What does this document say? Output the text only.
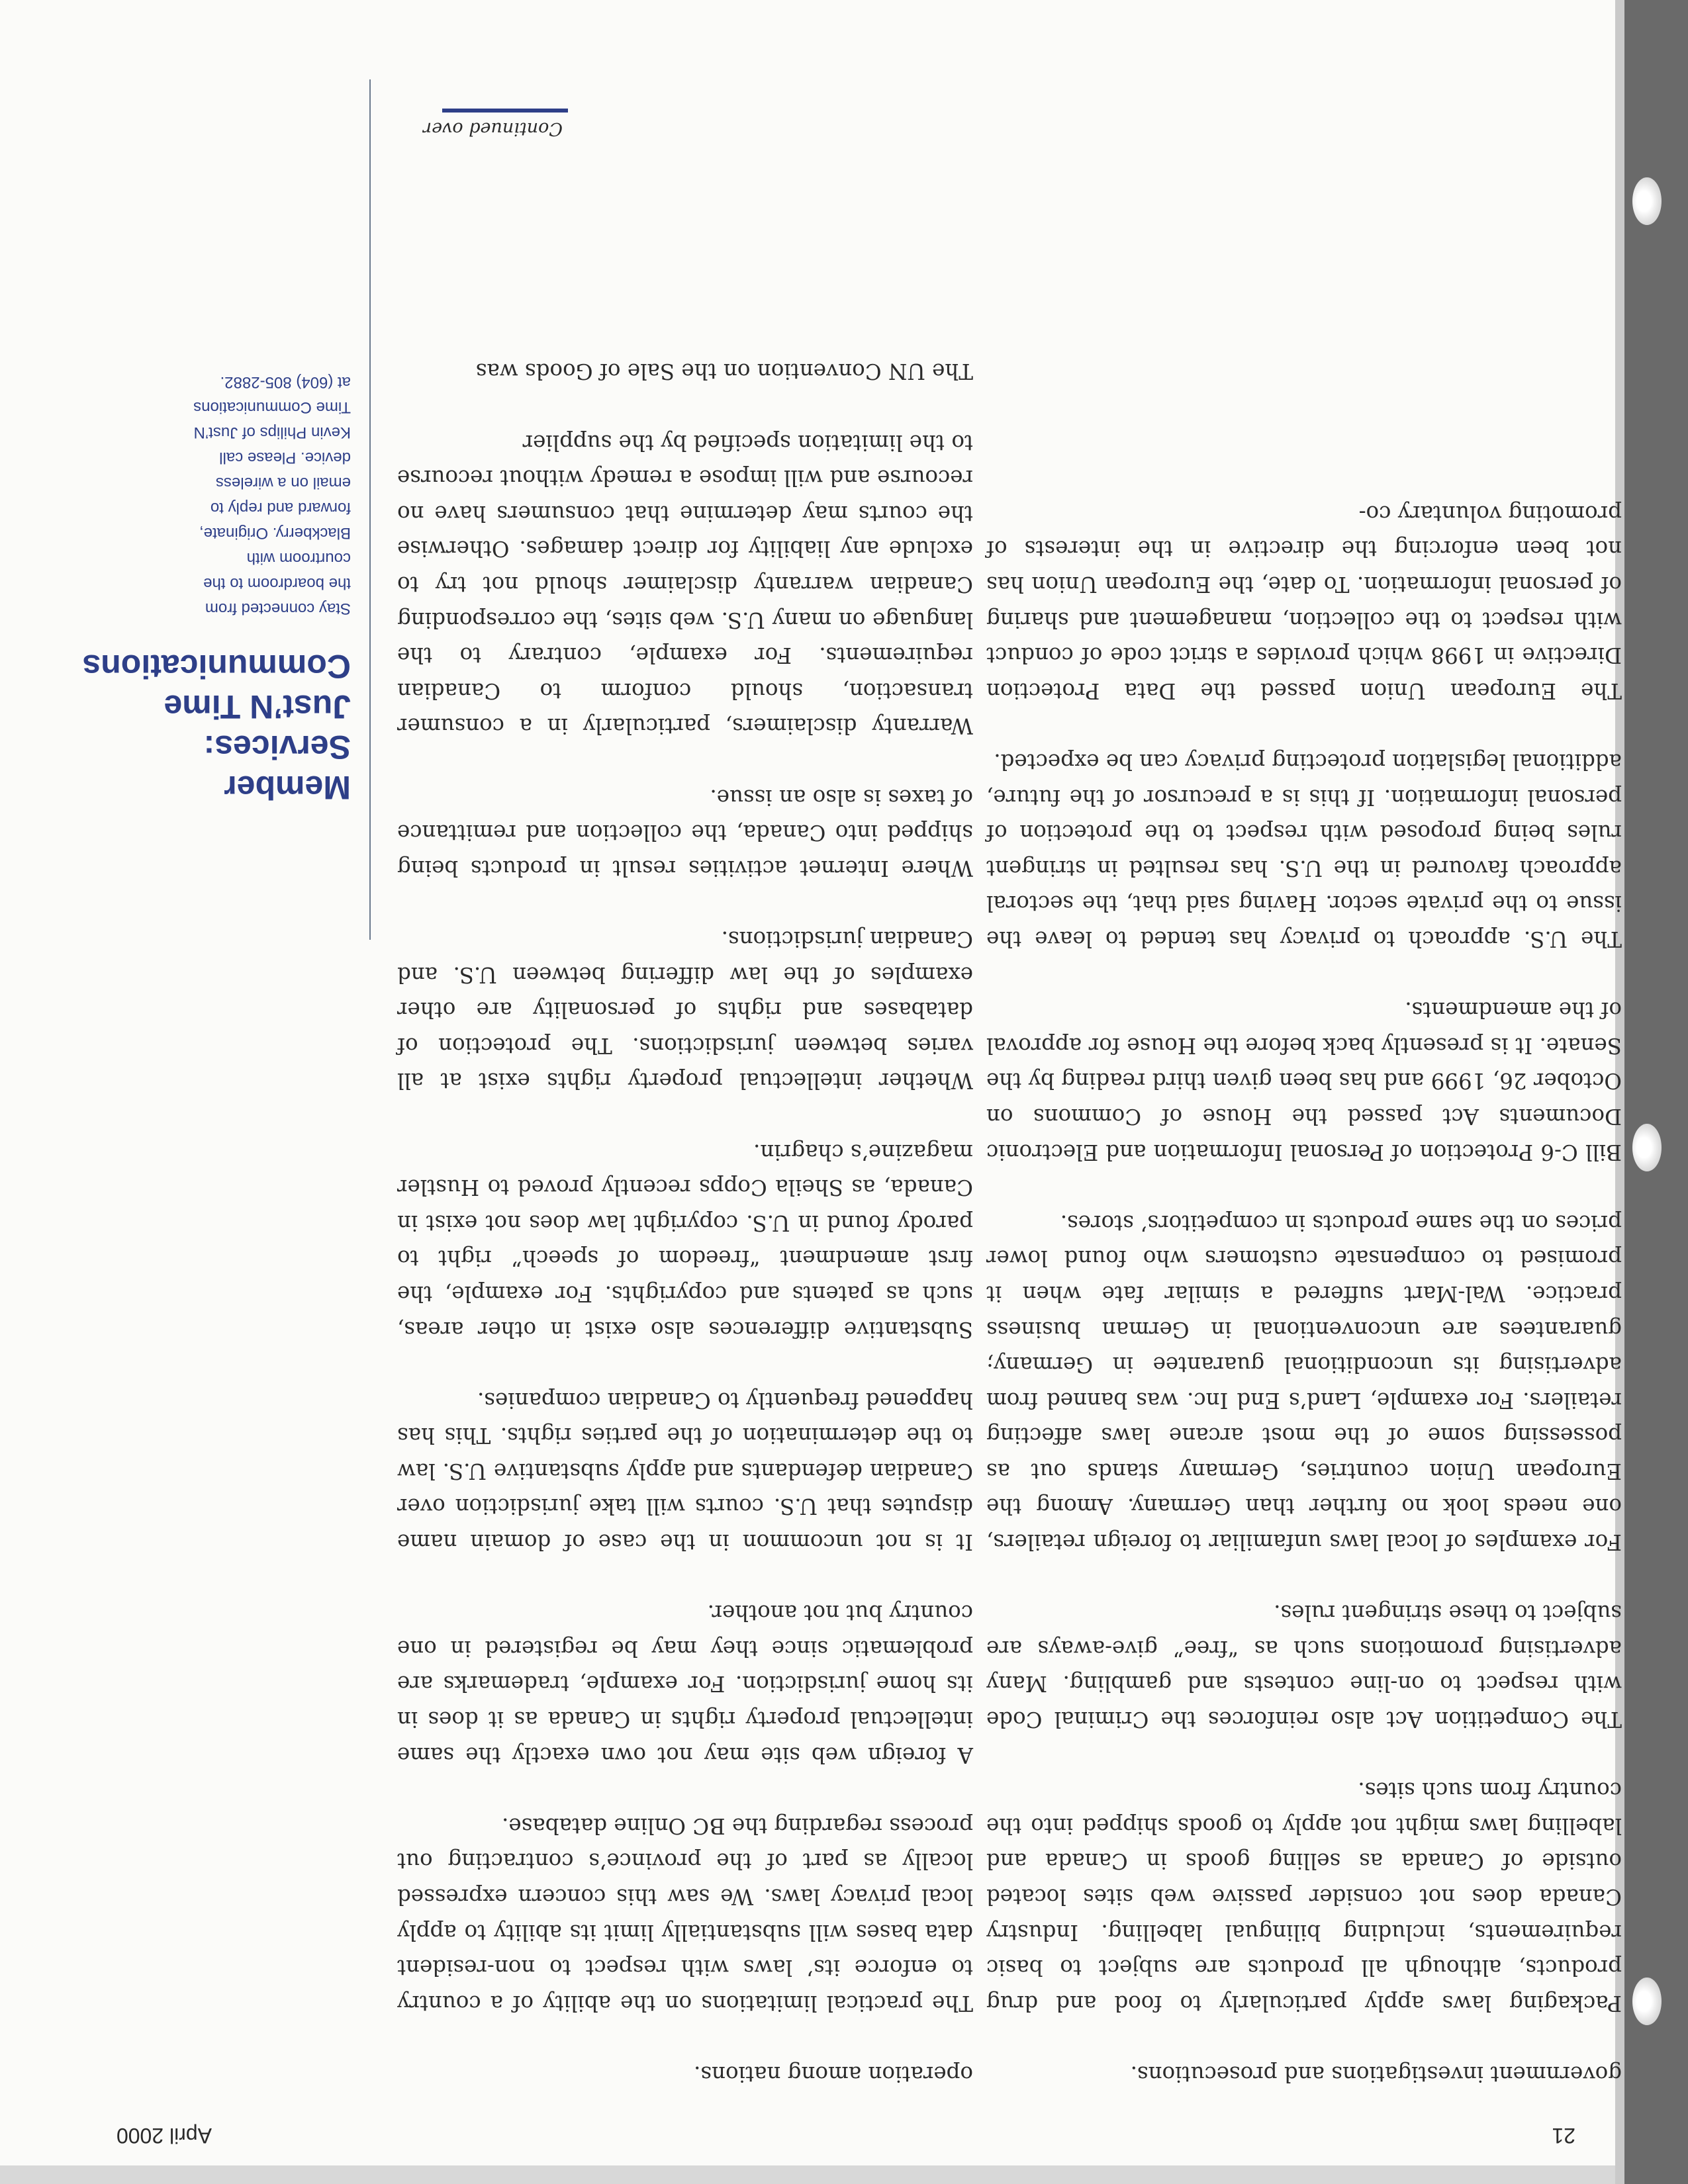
April 2000	21

government investigations and prosecutions.

Packaging laws apply particularly to food and drug products, although all products are subject to basic requirements, including bilingual labelling. Industry Canada does not consider passive web sites located outside of Canada as selling goods in Canada and labelling laws might not apply to goods shipped into the country from such sites.

The Competition Act also reinforces the Criminal Code with respect to on-line contests and gambling. Many advertising promotions such as “free” give-aways are subject to these stringent rules.

For examples of local laws unfamiliar to foreign retailers, one needs look no further than Germany. Among the European Union countries, Germany stands out as possessing some of the most arcane laws affecting retailers. For example, Land’s End Inc. was banned from advertising its unconditional guarantee in Germany; guarantees are unconventional in German business practice. Wal-Mart suffered a similar fate when it promised to compensate customers who found lower prices on the same products in competitors’ stores.

Bill C-6 Protection of Personal Information and Electronic Documents Act passed the House of Commons on October 26, 1999 and has been given third reading by the Senate. It is presently back before the House for approval of the amendments.

The U.S. approach to privacy has tended to leave the issue to the private sector. Having said that, the sectoral approach favoured in the U.S. has resulted in stringent rules being proposed with respect to the protection of personal information. If this is a precursor of the future, additional legislation protecting privacy can be expected.

The European Union passed the Data Protection Directive in 1998 which provides a strict code of conduct with respect to the collection, management and sharing of personal information. To date, the European Union has not been enforcing the directive in the interests of promoting voluntary co-

operation among nations.

The practical limitations on the ability of a country to enforce its’ laws with respect to non-resident data bases will substantially limit its ability to apply local privacy laws. We saw this concern expressed locally as part of the province’s contracting out process regarding the BC Online database.

A foreign web site may not own exactly the same intellectual property rights in Canada as it does in its home jurisdiction. For example, trademarks are problematic since they may be registered in one country but not another.

It is not uncommon in the case of domain name disputes that U.S. courts will take jurisdiction over Canadian defendants and apply substantive U.S. law to the determination of the parties rights. This has happened frequently to Canadian companies.

Substantive differences also exist in other areas, such as patents and copyrights. For example, the first amendment “freedom of speech” right to parody found in U.S. copyright law does not exist in Canada, as Sheila Copps recently proved to Hustler magazine’s chagrin.

Whether intellectual property rights exist at all varies between jurisdictions. The protection of databases and rights of personality are other examples of the law differing between U.S. and Canadian jurisdictions.

Where Internet activities result in products being shipped into Canada, the collection and remittance of taxes is also an issue.

Warranty disclaimers, particularly in a consumer transaction, should conform to Canadian requirements. For example, contrary to the language on many U.S. web sites, the corresponding Canadian warranty disclaimer should not try to exclude any liability for direct damages. Otherwise the courts may determine that consumers have no recourse and will impose a remedy without recourse to the limitation specified by the supplier

The UN Convention on the Sale of Goods was

Member Services: Just’N Time Communications
Stay connected from the boardroom to the courtroom with Blackberry. Originate, forward and reply to email on a wireless device. Please call Kevin Philips of Just’N Time Communications at (604) 805-2882.
Continued over
